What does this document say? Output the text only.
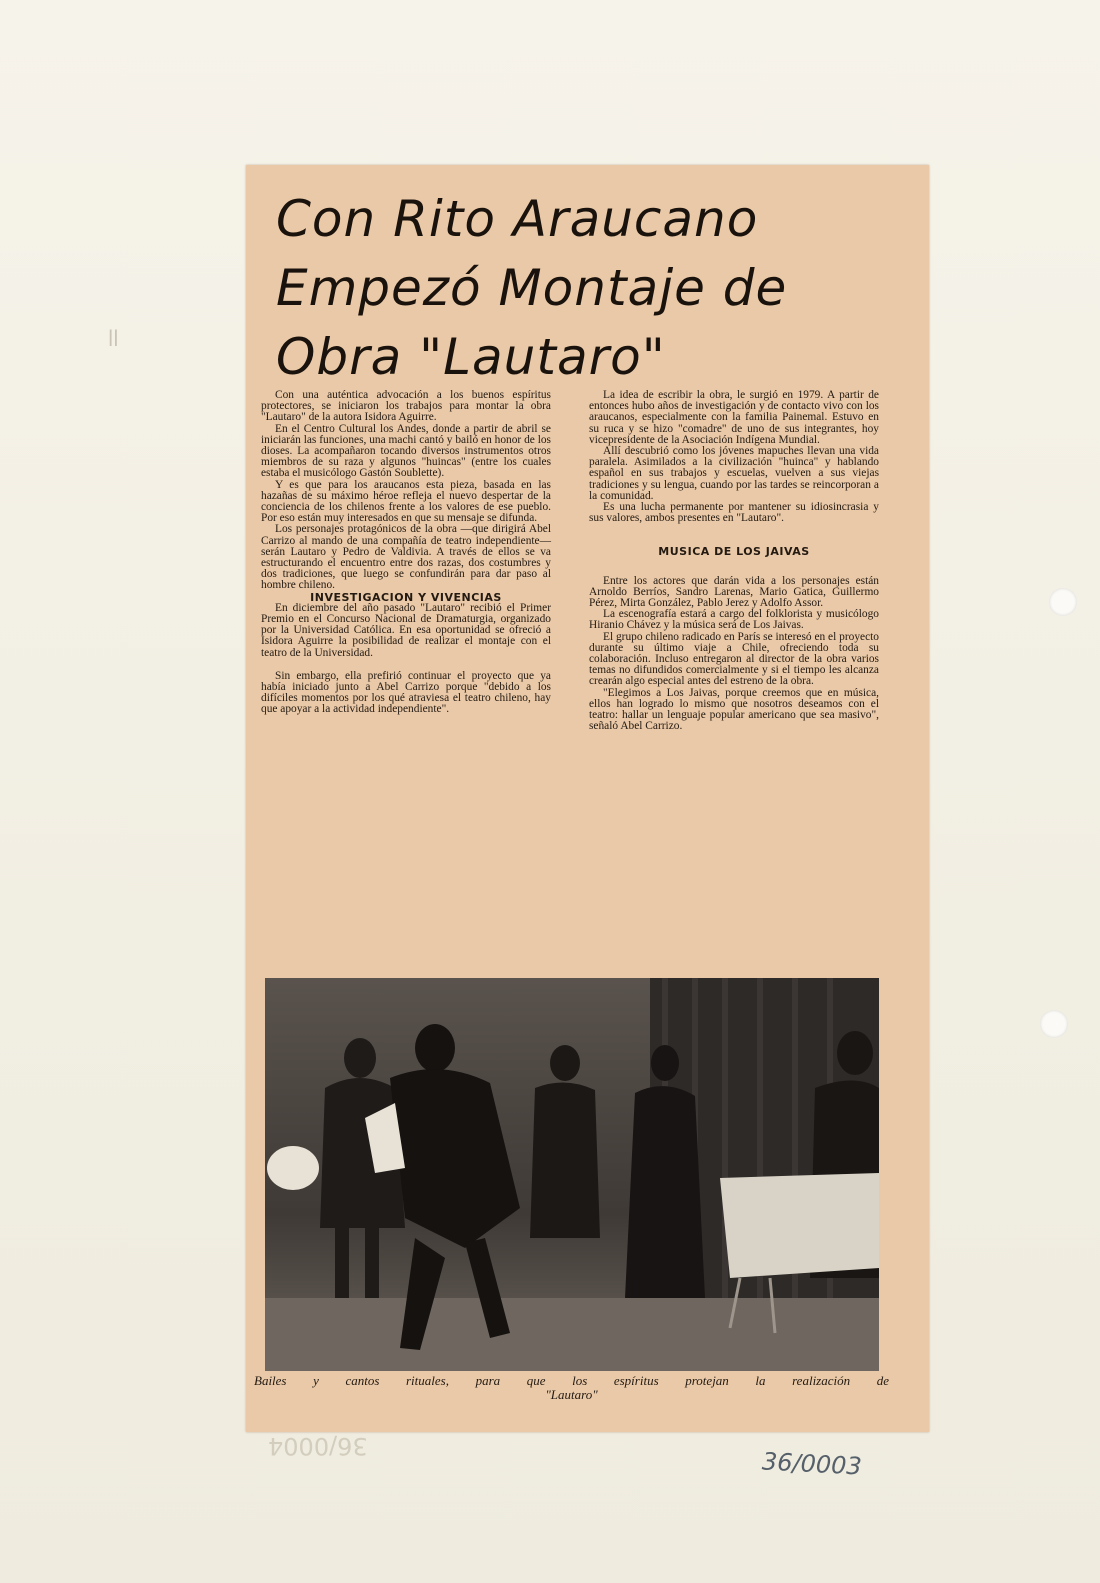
ꟾꟾ
36/0004
Con Rito Araucano
Empezó Montaje de
Obra "Lautaro"

Con una auténtica advocación a los buenos espíritus protectores, se iniciaron los trabajos para montar la obra "Lautaro" de la autora Isidora Aguirre.

En el Centro Cultural los Andes, donde a partir de abril se iniciarán las funciones, una machi cantó y bailó en honor de los dioses. La acompañaron tocando diversos instrumentos otros miembros de su raza y algunos "huincas" (entre los cuales estaba el musicólogo Gastón Soublette).

Y es que para los araucanos esta pieza, basada en las hazañas de su máximo héroe refleja el nuevo despertar de la conciencia de los chilenos frente a los valores de ese pueblo. Por eso están muy interesados en que su mensaje se difunda.

Los personajes protagónicos de la obra —que dirigirá Abel Carrizo al mando de una compañía de teatro independiente— serán Lautaro y Pedro de Valdivia. A través de ellos se va estructurando el encuentro entre dos razas, dos costumbres y dos tradiciones, que luego se confundirán para dar paso al hombre chileno.

INVESTIGACION Y VIVENCIAS

En diciembre del año pasado "Lautaro" recibió el Primer Premio en el Concurso Nacional de Dramaturgia, organizado por la Universidad Católica. En esa oportunidad se ofreció a Isidora Aguirre la posibilidad de realizar el montaje con el teatro de la Universidad.

Sin embargo, ella prefirió continuar el proyecto que ya había iniciado junto a Abel Carrizo porque "debido a los difíciles momentos por los qué atraviesa el teatro chileno, hay que apoyar a la actividad independiente".

La idea de escribir la obra, le surgió en 1979. A partir de entonces hubo años de investigación y de contacto vivo con los araucanos, especialmente con la familia Painemal. Estuvo en su ruca y se hizo "comadre" de uno de sus integrantes, hoy vicepresidente de la Asociación Indígena Mundial.

Allí descubrió como los jóvenes mapuches llevan una vida paralela. Asimilados a la civilización "huinca" y hablando español en sus trabajos y escuelas, vuelven a sus viejas tradiciones y su lengua, cuando por las tardes se reincorporan a la comunidad.

Es una lucha permanente por mantener su idiosincrasia y sus valores, ambos presentes en "Lautaro".

MUSICA DE LOS JAIVAS

Entre los actores que darán vida a los personajes están Arnoldo Berríos, Sandro Larenas, Mario Gatica, Guillermo Pérez, Mirta González, Pablo Jerez y Adolfo Assor.

La escenografía estará a cargo del folklorista y musicólogo Hiranio Chávez y la música será de Los Jaivas.

El grupo chileno radicado en París se interesó en el proyecto durante su último viaje a Chile, ofreciendo toda su colaboración. Incluso entregaron al director de la obra varios temas no difundidos comercialmente y si el tiempo les alcanza crearán algo especial antes del estreno de la obra.

"Elegimos a Los Jaivas, porque creemos que en música, ellos han logrado lo mismo que nosotros deseamos con el teatro: hallar un lenguaje popular americano que sea masivo", señaló Abel Carrizo.

Bailes y cantos rituales, para que los espíritus protejan la realización de
"Lautaro"

36/0003
